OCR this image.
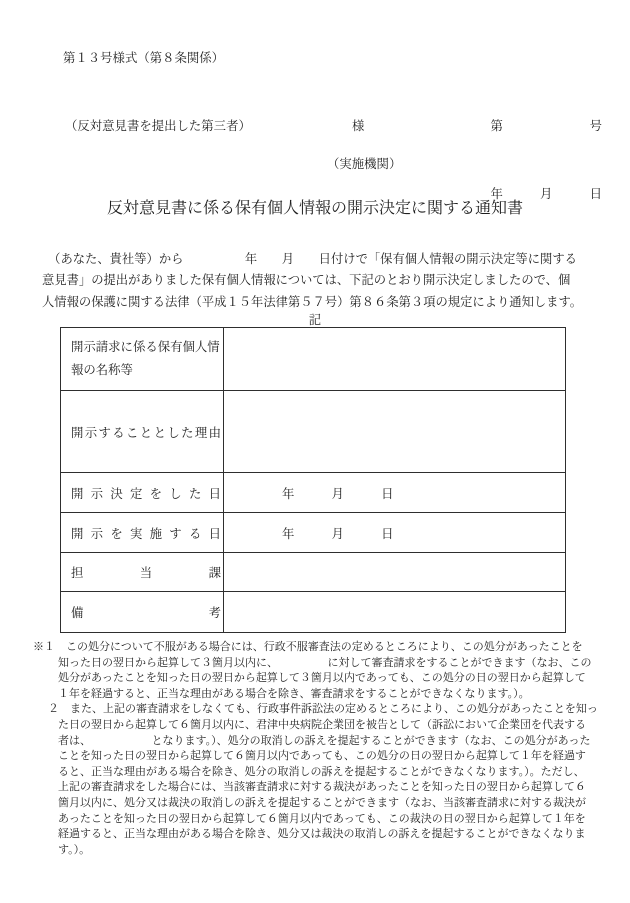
第１３号様式（第８条関係）

第　　　　　　　号

年　　　月　　　日

（反対意見書を提出した第三者）	様
（実施機関）
反対意見書に係る保有個人情報の開示決定に関する通知書
　（あなた、貴社等）から　　　　　年　　月　　日付けで「保有個人情報の開示決定等に関する
意見書」の提出がありました保有個人情報については、下記のとおり開示決定しましたので、個
人情報の保護に関する法律（平成１５年法律第５７号）第８６条第３項の規定により通知します。
記
開示請求に係る保有個人情報の名称等	
開示することとした理由	
開示決定をした日	年　　　月　　　日
開示を実施する日	年　　　月　　　日
担当課	
備考	
※１　この処分について不服がある場合には、行政不服審査法の定めるところにより、この処分があったことを
知った日の翌日から起算して３箇月以内に、　　　　　に対して審査請求をすることができます（なお、この
処分があったことを知った日の翌日から起算して３箇月以内であっても、この処分の日の翌日から起算して
１年を経過すると、正当な理由がある場合を除き、審査請求をすることができなくなります。）。
２　また、上記の審査請求をしなくても、行政事件訴訟法の定めるところにより、この処分があったことを知っ
た日の翌日から起算して６箇月以内に、君津中央病院企業団を被告として（訴訟において企業団を代表する
者は、　　　　　　となります。）、処分の取消しの訴えを提起することができます（なお、この処分があった
ことを知った日の翌日から起算して６箇月以内であっても、この処分の日の翌日から起算して１年を経過す
ると、正当な理由がある場合を除き、処分の取消しの訴えを提起することができなくなります。）。ただし、
上記の審査請求をした場合には、当該審査請求に対する裁決があったことを知った日の翌日から起算して６
箇月以内に、処分又は裁決の取消しの訴えを提起することができます（なお、当該審査請求に対する裁決が
あったことを知った日の翌日から起算して６箇月以内であっても、この裁決の日の翌日から起算して１年を
経過すると、正当な理由がある場合を除き、処分又は裁決の取消しの訴えを提起することができなくなりま
す。）。
